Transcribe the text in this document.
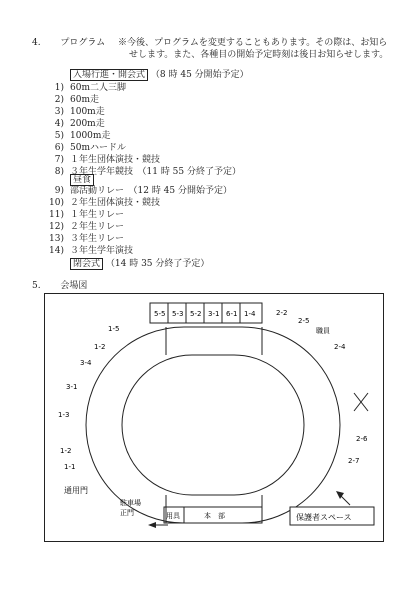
4. プログラム ※今後、プログラムを変更することもあります。その際は、お知ら
せします。また、各種目の開始予定時刻は後日お知らせします。
入場行進・開会式 （8 時 45 分開始予定）
1) 60m二人三脚
2) 60m走
3) 100m走
4) 200m走
5) 1000m走
6) 50mハードル
7) １年生団体演技・競技
8) ３年生学年競技　（11 時 55 分終了予定）
昼食
9) 部活動リレー　（12 時 45 分開始予定）
10) ２年生団体演技・競技
11) １年生リレー
12) ２年生リレー
13) ３年生リレー
14) ３年生学年演技
閉会式 （14 時 35 分終了予定）
5. 会場図
5-5 5-3 5-2 3-1 6-1 1-4	2-2
2-5
職員
2-4
2-6
2-7
1-5
1-2
3-4
3-1
1-3
1-2
1-1
通用門
駐車場
正門	用具	本　部	保護者スペース
